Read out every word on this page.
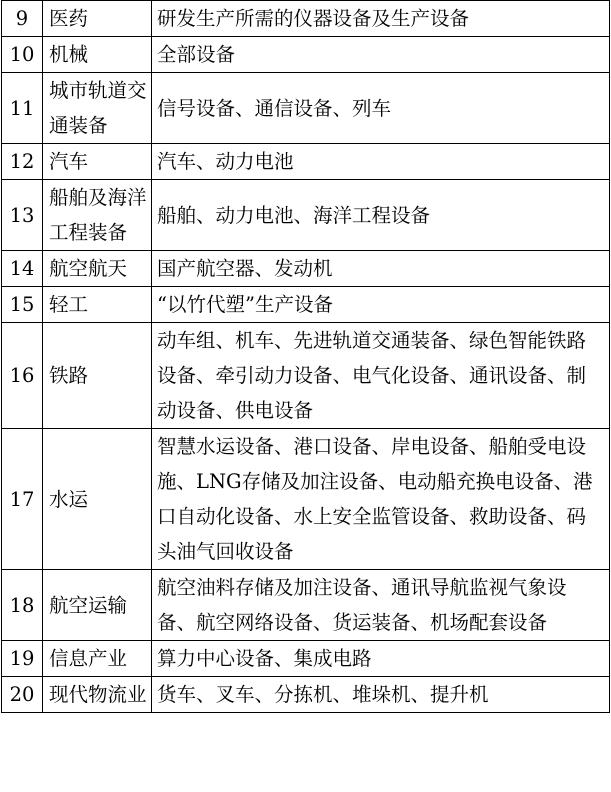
9	医药	研发生产所需的仪器设备及生产设备
10	机械	全部设备
11	城市轨道交通装备	信号设备、通信设备、列车
12	汽车	汽车、动力电池
13	船舶及海洋工程装备	船舶、动力电池、海洋工程设备
14	航空航天	国产航空器、发动机
15	轻工	“以竹代塑”生产设备
16	铁路	动车组、机车、先进轨道交通装备、绿色智能铁路设备、牵引动力设备、电气化设备、通讯设备、制动设备、供电设备
17	水运	智慧水运设备、港口设备、岸电设备、船舶受电设施、LNG存储及加注设备、电动船充换电设备、港口自动化设备、水上安全监管设备、救助设备、码头油气回收设备
18	航空运输	航空油料存储及加注设备、通讯导航监视气象设备、航空网络设备、货运装备、机场配套设备
19	信息产业	算力中心设备、集成电路
20	现代物流业	货车、叉车、分拣机、堆垛机、提升机
